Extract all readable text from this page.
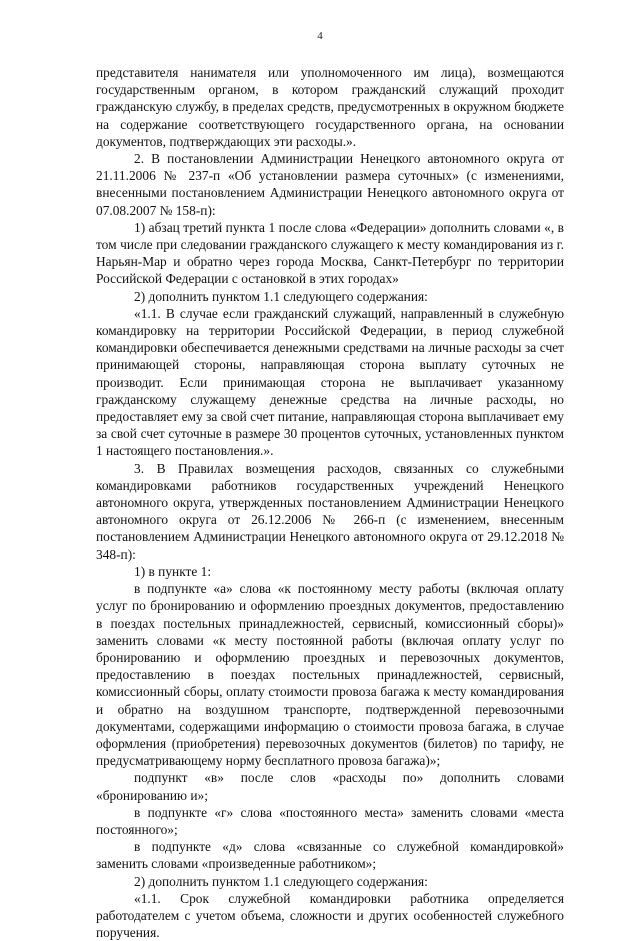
4

представителя нанимателя или уполномоченного им лица), возмещаются государственным органом, в котором гражданский служащий проходит гражданскую службу, в пределах средств, предусмотренных в окружном бюджете на содержание соответствующего государственного органа, на основании документов, подтверждающих эти расходы.».

2. В постановлении Администрации Ненецкого автономного округа от 21.11.2006 № 237-п «Об установлении размера суточных» (с изменениями, внесенными постановлением Администрации Ненецкого автономного округа от 07.08.2007 № 158-п):

1) абзац третий пункта 1 после слова «Федерации» дополнить словами «, в том числе при следовании гражданского служащего к месту командирования из г. Нарьян-Мар и обратно через города Москва, Санкт-Петербург по территории Российской Федерации с остановкой в этих городах»

2) дополнить пунктом 1.1 следующего содержания:

«1.1. В случае если гражданский служащий, направленный в служебную командировку на территории Российской Федерации, в период служебной командировки обеспечивается денежными средствами на личные расходы за счет принимающей стороны, направляющая сторона выплату суточных не производит. Если принимающая сторона не выплачивает указанному гражданскому служащему денежные средства на личные расходы, но предоставляет ему за свой счет питание, направляющая сторона выплачивает ему за свой счет суточные в размере 30 процентов суточных, установленных пунктом 1 настоящего постановления.».

3. В Правилах возмещения расходов, связанных со служебными командировками работников государственных учреждений Ненецкого автономного округа, утвержденных постановлением Администрации Ненецкого автономного округа от 26.12.2006 № 266-п (с изменением, внесенным постановлением Администрации Ненецкого автономного округа от 29.12.2018 № 348-п):

1) в пункте 1:

в подпункте «а» слова «к постоянному месту работы (включая оплату услуг по бронированию и оформлению проездных документов, предоставлению в поездах постельных принадлежностей, сервисный, комиссионный сборы)» заменить словами «к месту постоянной работы (включая оплату услуг по бронированию и оформлению проездных и перевозочных документов, предоставлению в поездах постельных принадлежностей, сервисный, комиссионный сборы, оплату стоимости провоза багажа к месту командирования и обратно на воздушном транспорте, подтвержденной перевозочными документами, содержащими информацию о стоимости провоза багажа, в случае оформления (приобретения) перевозочных документов (билетов) по тарифу, не предусматривающему норму бесплатного провоза багажа)»;

подпункт «в» после слов «расходы по» дополнить словами «бронированию и»;

в подпункте «г» слова «постоянного места» заменить словами «места постоянного»;

в подпункте «д» слова «связанные со служебной командировкой» заменить словами «произведенные работником»;

2) дополнить пунктом 1.1 следующего содержания:

«1.1. Срок служебной командировки работника определяется работодателем с учетом объема, сложности и других особенностей служебного поручения.
